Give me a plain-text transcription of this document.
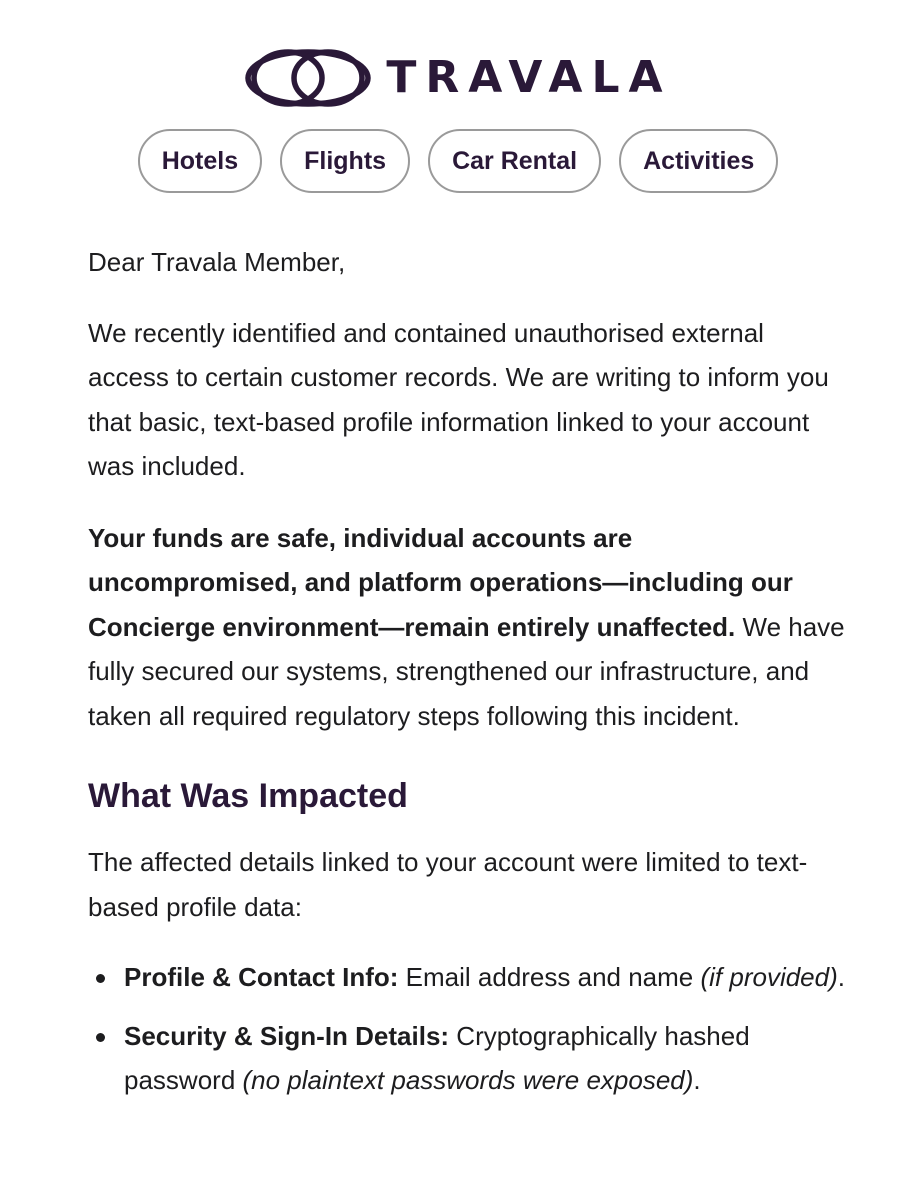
TRAVALA
Hotels	Flights	Car Rental	Activities

Dear Travala Member,

We recently identified and contained unauthorised external access to certain customer records. We are writing to inform you that basic, text-based profile information linked to your account was included.

Your funds are safe, individual accounts are uncompromised, and platform operations—including our Concierge environment—remain entirely unaffected. We have fully secured our systems, strengthened our infrastructure, and taken all required regulatory steps following this incident.

What Was Impacted

The affected details linked to your account were limited to text-based profile data:

Profile & Contact Info: Email address and name (if provided).
Security & Sign-In Details: Cryptographically hashed password (no plaintext passwords were exposed).
